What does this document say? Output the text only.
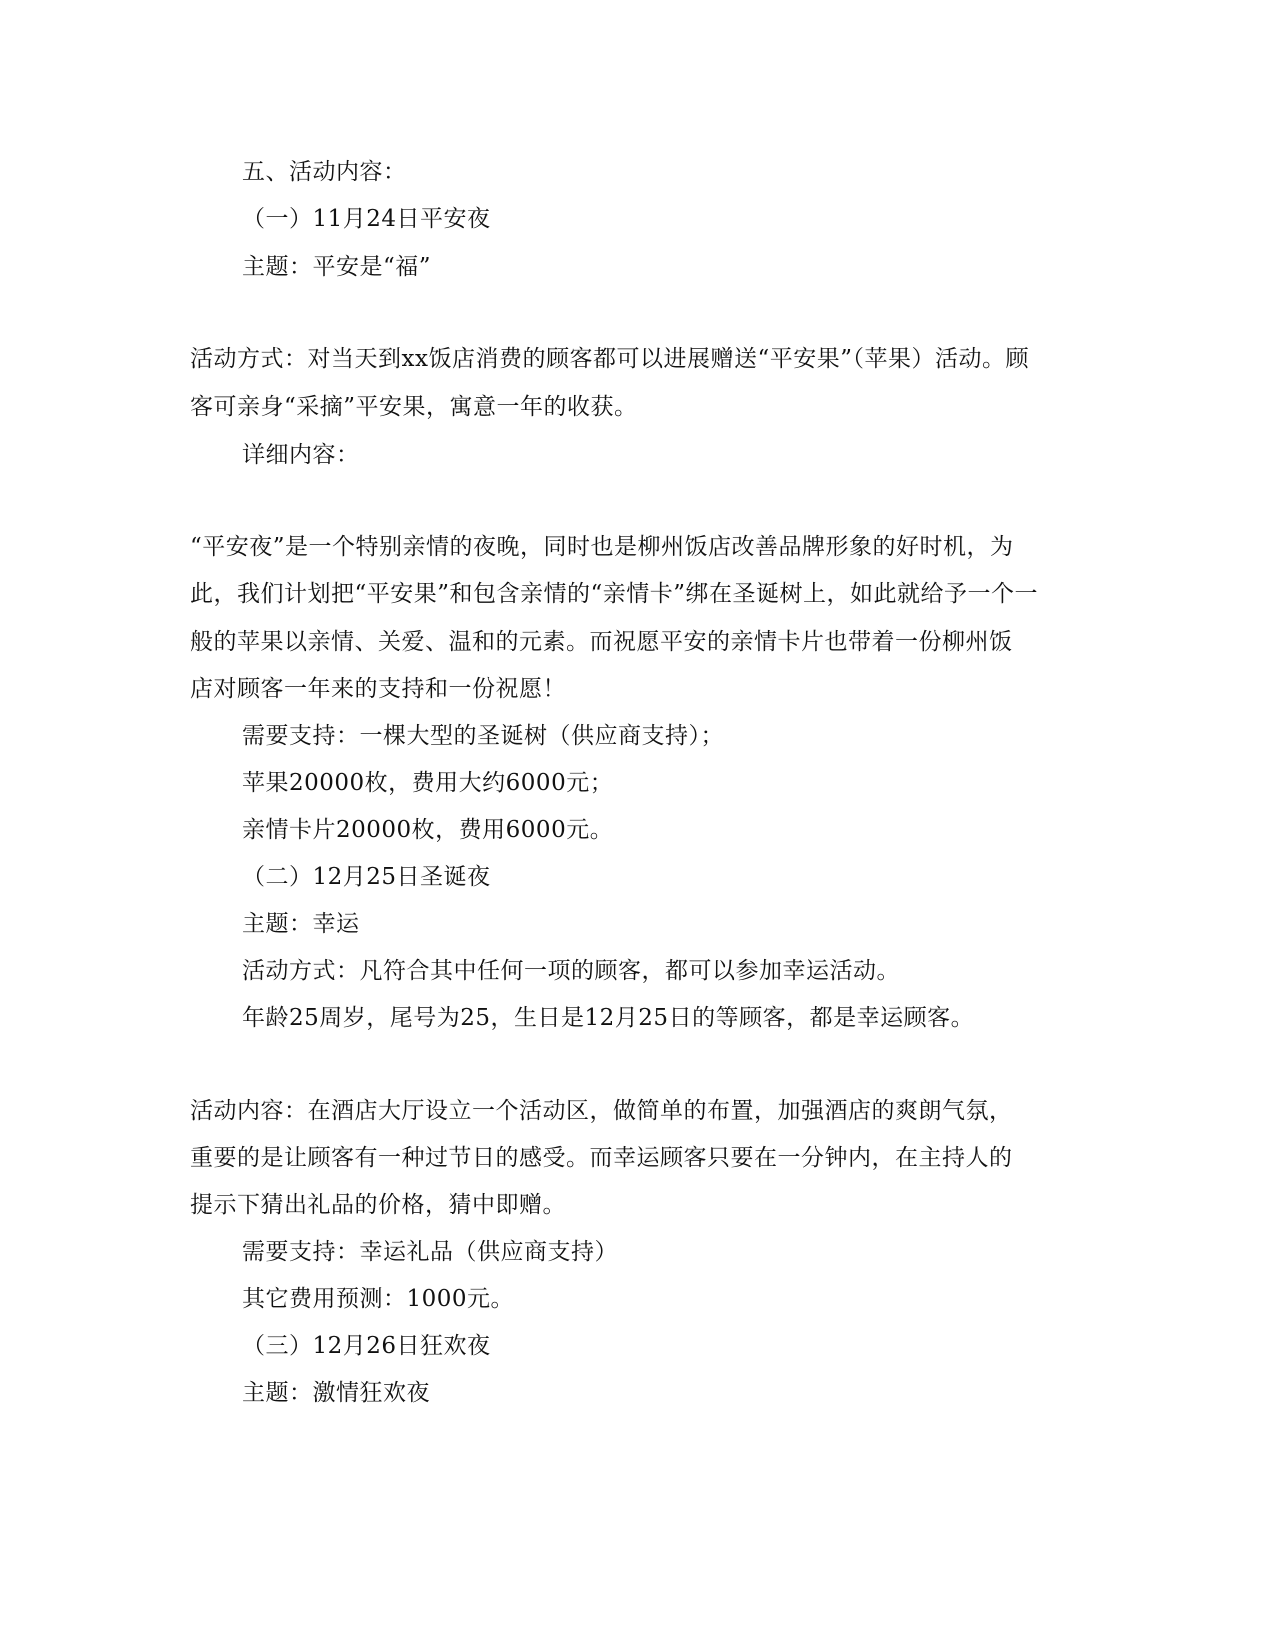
五、活动内容：
（一）11月24日平安夜
主题：平安是“福”
活动方式：对当天到xx饭店消费的顾客都可以进展赠送“平安果”（苹果）活动。顾
客可亲身“采摘”平安果，寓意一年的收获。
详细内容：
“平安夜”是一个特别亲情的夜晚，同时也是柳州饭店改善品牌形象的好时机，为
此，我们计划把“平安果”和包含亲情的“亲情卡”绑在圣诞树上，如此就给予一个一
般的苹果以亲情、关爱、温和的元素。而祝愿平安的亲情卡片也带着一份柳州饭
店对顾客一年来的支持和一份祝愿！
需要支持：一棵大型的圣诞树（供应商支持）；
苹果20000枚，费用大约6000元；
亲情卡片20000枚，费用6000元。
（二）12月25日圣诞夜
主题：幸运
活动方式：凡符合其中任何一项的顾客，都可以参加幸运活动。
年龄25周岁，尾号为25，生日是12月25日的等顾客，都是幸运顾客。
活动内容：在酒店大厅设立一个活动区，做简单的布置，加强酒店的爽朗气氛，
重要的是让顾客有一种过节日的感受。而幸运顾客只要在一分钟内，在主持人的
提示下猜出礼品的价格，猜中即赠。
需要支持：幸运礼品（供应商支持）
其它费用预测：1000元。
（三）12月26日狂欢夜
主题：激情狂欢夜
